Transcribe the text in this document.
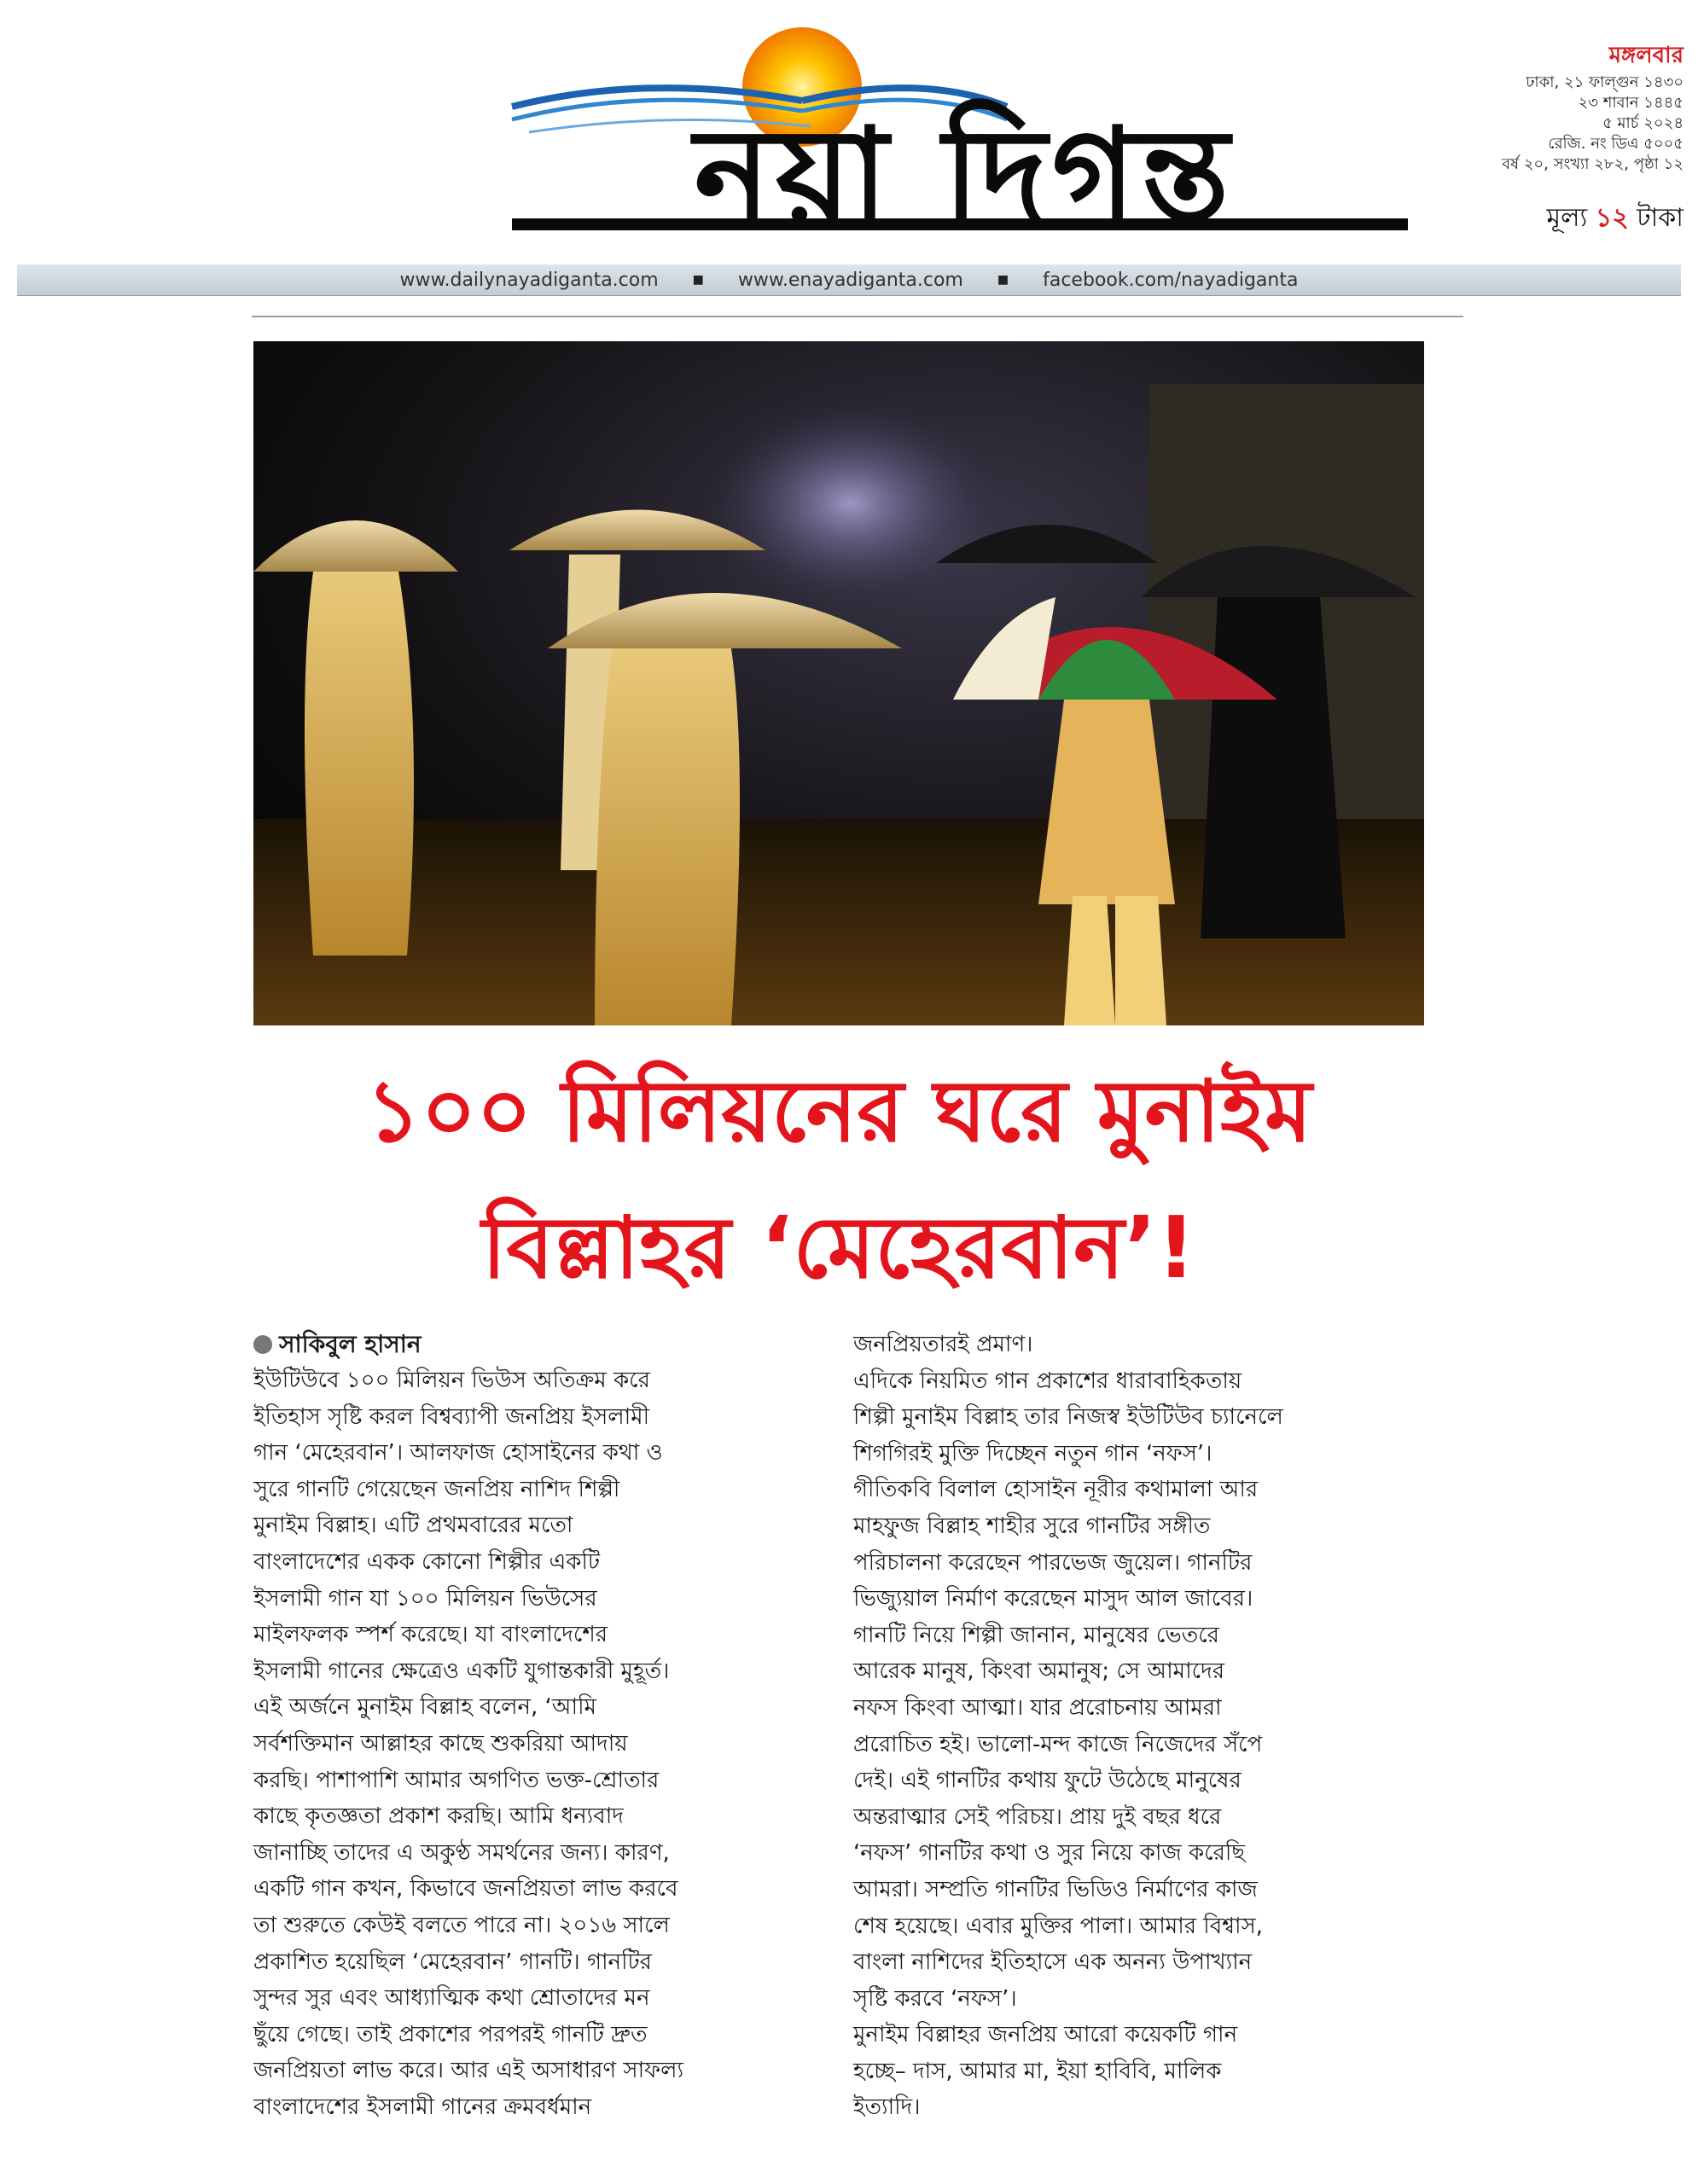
নয়া দিগন্ত
মঙ্গলবার
ঢাকা, ২১ ফাল্গুন ১৪৩০
২৩ শাবান ১৪৪৫
৫ মার্চ ২০২৪
রেজি. নং ডিএ ৫০০৫
বর্ষ ২০, সংখ্যা ২৮২, পৃষ্ঠা ১২
মূল্য ১২ টাকা
www.dailynayadiganta.com	■ www.enayadiganta.com	■ facebook.com/nayadiganta
১০০ মিলিয়নের ঘরে মুনাইম
বিল্লাহর ‘মেহেরবান’!
সাকিবুল হাসান

ইউটিউবে ১০০ মিলিয়ন ভিউস অতিক্রম করে

ইতিহাস সৃষ্টি করল বিশ্বব্যাপী জনপ্রিয় ইসলামী

গান ‘মেহেরবান’। আলফাজ হোসাইনের কথা ও

সুরে গানটি গেয়েছেন জনপ্রিয় নাশিদ শিল্পী

মুনাইম বিল্লাহ। এটি প্রথমবারের মতো

বাংলাদেশের একক কোনো শিল্পীর একটি

ইসলামী গান যা ১০০ মিলিয়ন ভিউসের

মাইলফলক স্পর্শ করেছে। যা বাংলাদেশের

ইসলামী গানের ক্ষেত্রেও একটি যুগান্তকারী মুহূর্ত।

এই অর্জনে মুনাইম বিল্লাহ বলেন, ‘আমি

সর্বশক্তিমান আল্লাহর কাছে শুকরিয়া আদায়

করছি। পাশাপাশি আমার অগণিত ভক্ত-শ্রোতার

কাছে কৃতজ্ঞতা প্রকাশ করছি। আমি ধন্যবাদ

জানাচ্ছি তাদের এ অকুণ্ঠ সমর্থনের জন্য। কারণ,

একটি গান কখন, কিভাবে জনপ্রিয়তা লাভ করবে

তা শুরুতে কেউই বলতে পারে না। ২০১৬ সালে

প্রকাশিত হয়েছিল ‘মেহেরবান’ গানটি। গানটির

সুন্দর সুর এবং আধ্যাত্মিক কথা শ্রোতাদের মন

ছুঁয়ে গেছে। তাই প্রকাশের পরপরই গানটি দ্রুত

জনপ্রিয়তা লাভ করে। আর এই অসাধারণ সাফল্য

বাংলাদেশের ইসলামী গানের ক্রমবর্ধমান

জনপ্রিয়তারই প্রমাণ।

এদিকে নিয়মিত গান প্রকাশের ধারাবাহিকতায়

শিল্পী মুনাইম বিল্লাহ তার নিজস্ব ইউটিউব চ্যানেলে

শিগগিরই মুক্তি দিচ্ছেন নতুন গান ‘নফস’।

গীতিকবি বিলাল হোসাইন নূরীর কথামালা আর

মাহফুজ বিল্লাহ শাহীর সুরে গানটির সঙ্গীত

পরিচালনা করেছেন পারভেজ জুয়েল। গানটির

ভিজ্যুয়াল নির্মাণ করেছেন মাসুদ আল জাবের।

গানটি নিয়ে শিল্পী জানান, মানুষের ভেতরে

আরেক মানুষ, কিংবা অমানুষ; সে আমাদের

নফস কিংবা আত্মা। যার প্ররোচনায় আমরা

প্ররোচিত হই। ভালো-মন্দ কাজে নিজেদের সঁপে

দেই। এই গানটির কথায় ফুটে উঠেছে মানুষের

অন্তরাত্মার সেই পরিচয়। প্রায় দুই বছর ধরে

‘নফস’ গানটির কথা ও সুর নিয়ে কাজ করেছি

আমরা। সম্প্রতি গানটির ভিডিও নির্মাণের কাজ

শেষ হয়েছে। এবার মুক্তির পালা। আমার বিশ্বাস,

বাংলা নাশিদের ইতিহাসে এক অনন্য উপাখ্যান

সৃষ্টি করবে ‘নফস’।

মুনাইম বিল্লাহর জনপ্রিয় আরো কয়েকটি গান

হচ্ছে– দাস, আমার মা, ইয়া হাবিবি, মালিক

ইত্যাদি।
